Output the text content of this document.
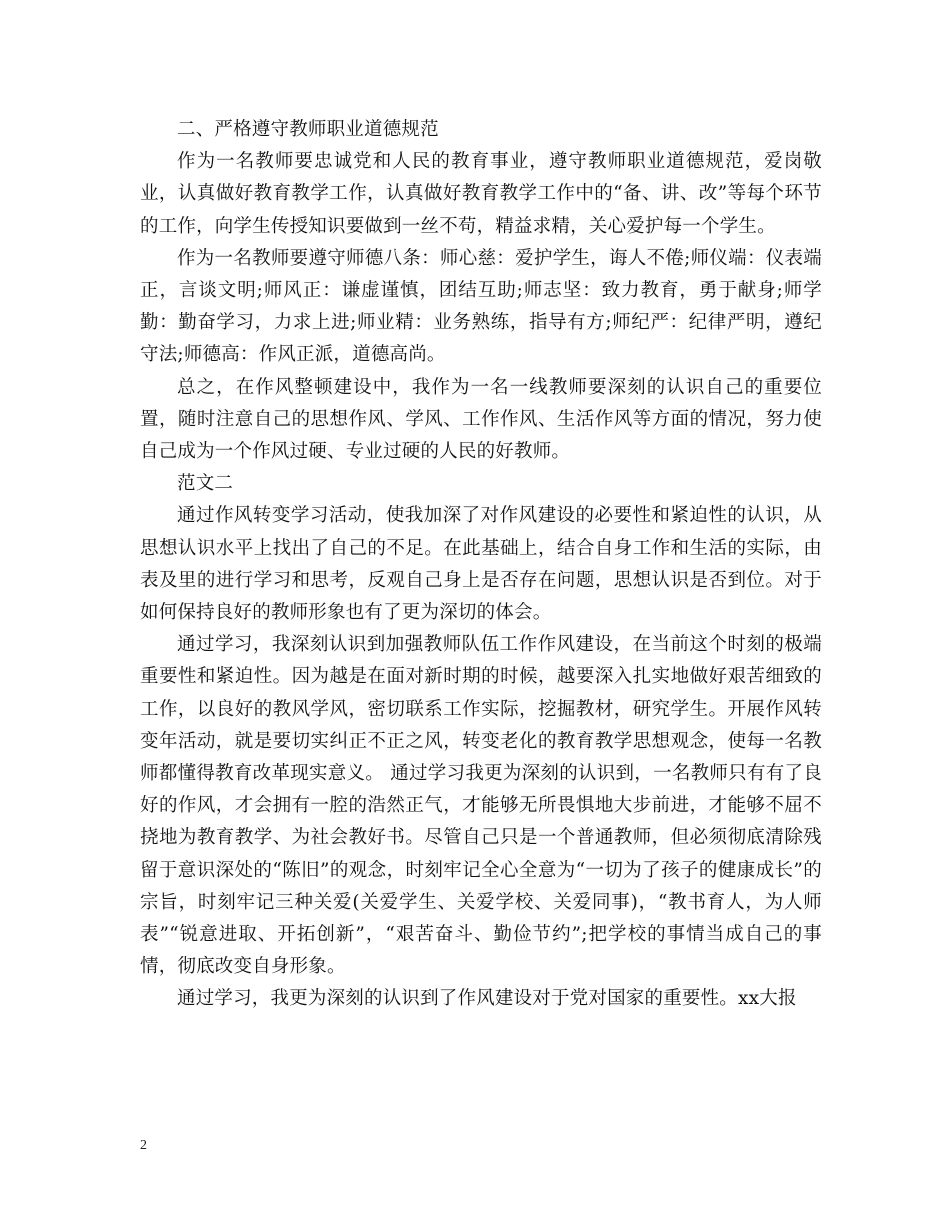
二、严格遵守教师职业道德规范

作为一名教师要忠诚党和人民的教育事业，遵守教师职业道德规范，爱岗敬业，认真做好教育教学工作，认真做好教育教学工作中的“备、讲、改”等每个环节的工作，向学生传授知识要做到一丝不苟，精益求精，关心爱护每一个学生。

作为一名教师要遵守师德八条：师心慈：爱护学生，诲人不倦;师仪端：仪表端正，言谈文明;师风正：谦虚谨慎，团结互助;师志坚：致力教育，勇于献身;师学勤：勤奋学习，力求上进;师业精：业务熟练，指导有方;师纪严：纪律严明，遵纪守法;师德高：作风正派，道德高尚。

总之，在作风整顿建设中，我作为一名一线教师要深刻的认识自己的重要位置，随时注意自己的思想作风、学风、工作作风、生活作风等方面的情况，努力使自己成为一个作风过硬、专业过硬的人民的好教师。

范文二

通过作风转变学习活动，使我加深了对作风建设的必要性和紧迫性的认识，从思想认识水平上找出了自己的不足。在此基础上，结合自身工作和生活的实际，由表及里的进行学习和思考，反观自己身上是否存在问题，思想认识是否到位。对于如何保持良好的教师形象也有了更为深切的体会。

通过学习，我深刻认识到加强教师队伍工作作风建设，在当前这个时刻的极端重要性和紧迫性。因为越是在面对新时期的时候，越要深入扎实地做好艰苦细致的工作，以良好的教风学风，密切联系工作实际，挖掘教材，研究学生。开展作风转变年活动，就是要切实纠正不正之风，转变老化的教育教学思想观念，使每一名教师都懂得教育改革现实意义。 通过学习我更为深刻的认识到，一名教师只有有了良好的作风，才会拥有一腔的浩然正气，才能够无所畏惧地大步前进，才能够不屈不挠地为教育教学、为社会教好书。尽管自己只是一个普通教师，但必须彻底清除残留于意识深处的“陈旧”的观念，时刻牢记全心全意为“一切为了孩子的健康成长”的宗旨，时刻牢记三种关爱(关爱学生、关爱学校、关爱同事)，“教书育人，为人师表”“锐意进取、开拓创新”，“艰苦奋斗、勤俭节约”;把学校的事情当成自己的事情，彻底改变自身形象。

通过学习，我更为深刻的认识到了作风建设对于党对国家的重要性。xx大报

2
